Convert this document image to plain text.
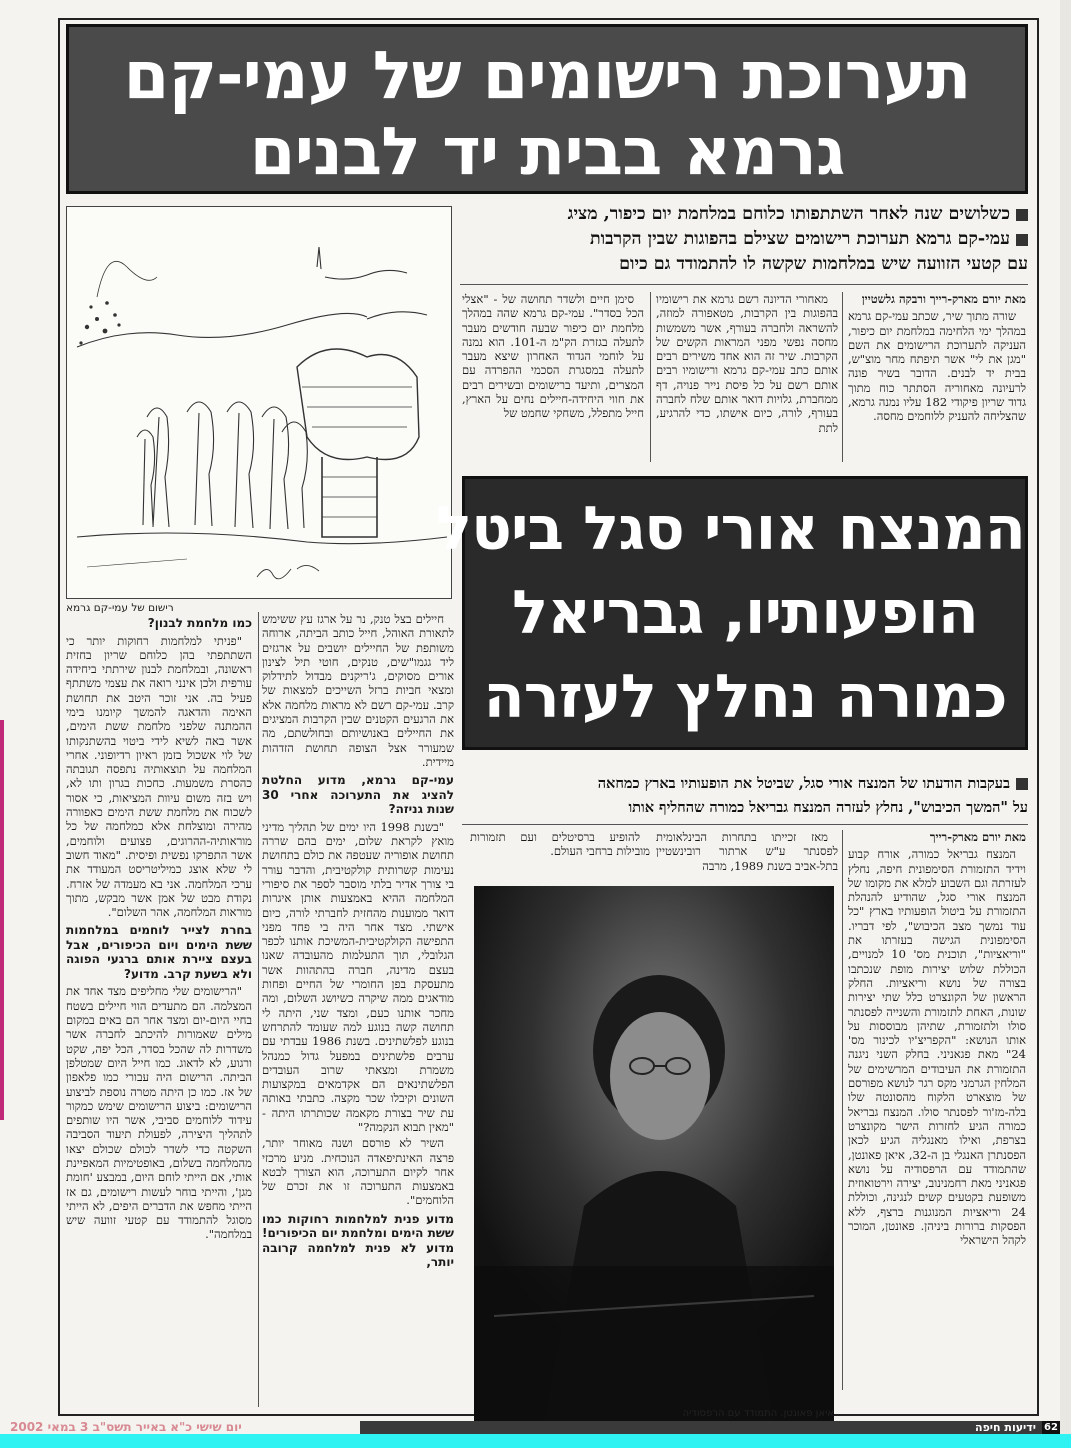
תערוכת רישומים של עמי-קם
גרמא בבית יד לבנים
כשלושים שנה לאחר השתתפותו כלוחם במלחמת יום כיפור, מציג
עמי-קם גרמא תערוכת רישומים שצילם בהפוגות שבין הקרבות
עם קטעי הזוועה שיש במלחמות שקשה לו להתמודד גם כיום

מאת יורם מארק-רייך ורבקה גלשטיין

שורה מתוך שיר, שכתב עמי-קם גרמא במהלך ימי הלחימה במלחמת יום כיפור, העניקה לתערוכת הרישומים את השם "מגן את לי" אשר תיפתח מחר מוצ"ש, בבית יד לבנים. הדובר בשיר פונה לרעיונה מאחוריה הסתתר כוח מתוך גדוד שריון פיקודי 182 עליו נמנה גרמא, שהצליחה להעניק ללוחמים מחסה.

מאחורי הדיונה רשם גרמא את רישומיו בהפוגות בין הקרבות, מטאפורה למוזה, להשראה ולחברה בעורף, אשר משמשות מחסה נפשי מפני המראות הקשים של הקרבות. שיר זה הוא אחד משירים רבים אותם כתב עמי-קם גרמא ורישומיו רבים אותם רשם על כל פיסת נייר פנויה, דף ממחברת, גלויות דואר אותם שלח לחברה בעורף, לורה, כיום אישתו, כדי להרגיע, לתת

סימן חיים ולשדר תחושה של - "אצלי הכל בסדר". עמי-קם גרמא שהה במהלך מלחמת יום כיפור שבעה חודשים מעבר לתעלה בגזרת הק"מ ה-101. הוא נמנה על לוחמי הגדוד האחרון שיצא מעבר לתעלה במסגרת הסכמי ההפרדה עם המצרים, ותיעד ברישומים ובשירים רבים את חווי היחידה-חיילים נחים על הארץ, חייל מתפלל, משחקי שחמט של

רישום של עמי-קם גרמא
המנצח אורי סגל ביטל
הופעותיו, גבריאל
כמורה נחלץ לעזרה
בעקבות הודעתו של המנצח אורי סגל, שביטל את הופעותיו בארץ כמחאה
על "המשך הכיבוש", נחלץ לעזרה המנצח גבריאל כמורה שהחליף אותו

מאת יורם מארק-רייך

המנצח גבריאל כמורה, אורח קבוע וידיד התזמורת הסימפונית חיפה, נחלץ לעזרתה וגם השבוע למלא את מקומו של המנצח אורי סגל, שהודיע להנהלת התזמורת על ביטול הופעותיו בארץ "כל עוד נמשך מצב הכיבוש", לפי דבריו. הסימפונית הגישה בעזרתו את "וריאציות", תוכנית מס' 10 למנויים, הכוללת שלוש יצירות מופת שנכתבו בצורה של נושא וריאציות. החלק הראשון של הקונצרט כלל שתי יצירות שונות, האחת לתזמורת והשנייה לפסנתר סולו ולתזמורת, שתיהן מבוססות על אותו הנושא: "הקפריצ'יו לכינור מס' 24" מאת פגאניני. בחלק השני ניגנה התזמורת את העיבודים המרשימים של המלחין הגרמני מקס רגר לנושא מפורסם של מוצארט הלקוח מהסונטה שלו בלה-מז'ור לפסנתר סולו. המנצח גבריאל כמורה הגיע לחזרות הישר מקונצרט בצרפת, ואילו מאנגליה הגיע לכאן הפסנתרן האנגלי בן ה-32, איאן פאונטן, שהתמודד עם הרפסודיה על נושא פגאניני מאת רחמנינוב, יצירה וירטואוזית משופעת בקטעים קשים לנגינה, וכוללת 24 וריאציות המנוגנות ברצף, ללא הפסקות ברורות ביניהן. פאונטן, המוכר לקהל הישראלי

מאז זכייתו בתחרות הבינלאומית לפסנתר ע"ש ארתור רובינשטיין בתל-אביב בשנת 1989, מרבה

להופיע ברסיטלים ועם תזמורות מובילות ברחבי העולם.

איאן פאונטן. התמודד עם הרפסודיה

חיילים בצל טנק, נר על ארגז עץ ששימש לתאורת האוהל, חייל כותב הביתה, ארוחה משותפת של החיילים יושבים על ארגזים ליד גגמו"שים, טנקים, חוטי תיל לצינון אורים מסוקים, ג'ריקנים מבדול לתידלוק ומצאי חביות ברזל השייכים למצאות של קרב. עמי-קם רשם לא מראות מלחמה אלא את הרגעים הקטנים שבין הקרבות המציגים את החיילים באנושיותם ובחולשתם, מה שמעורר אצל הצופה תחושת הזדהות מיידית.

עמי-קם גרמא, מדוע החלטת להציג את התערוכה אחרי 30 שנות גניזה?

"בשנת 1998 היו ימים של תהליך מדיני מואץ לקראת שלום, ימים בהם שררה תחושת אופוריה שעטפה את כולם בתחושת נעימות קשרותית קולקטיבית, והדבר עורר בי צורך אדיר בלתי מוסבר לספר את סיפורי המלחמה ההיא באמצעות אותן איגרות דואר ממוענות מהחזית לחברתי לורה, כיום אישתי. מצד אחר היה בי פחד מפני התפישה הקולקטיבית-המשיכת אותנו לכפר הגלובלי, תוך התעלמות מהעובדה שאנו בעצם מדינה, חברה בהתהוות אשר מתעסקת בפן החומרי של החיים ופחות מודאגים ממה שיקרה כשיושג השלום, ומה מחכר אותנו כעם, ומצד שני, היתה לי תחושה קשה בנוגע למה שעומד להתרחש בנוגע לפלשתינים. בשנת 1986 עבדתי עם ערבים פלשתינים במפעל גדול כמנהל משמרת ומצאתי שרוב העובדים הפלשתינאים הם אקדמאים במקצועות השונים וקיבלו שכר מקצה. כתבתי באותה עת שיר בצורת מקאמה שכותרתו היתה - "מאין תבוא הנקמה?"

השיר לא פורסם ושנה מאוחר יותר, פרצה האינתיפאדה הנוכחית. מניע מרכזי אחר לקיום התערוכה, הוא הצורך לבטא באמצעות התערוכה זו את זכרם של הלוחמים".

מדוע פנית למלחמות רחוקות כמו ששת הימים ומלחמת יום הכיפורים! מדוע לא פנית למלחמה קרובה יותר,

כמו מלחמת לבנון?

"פניתי למלחמות רחוקות יותר כי השתתפתי בהן כלוחם שריון בחזית ראשונה, ובמלחמת לבנון שירתתי ביחידה עורפית ולכן אינני רואה את עצמי משתתף פעיל בה. אני זוכר היטב את תחושת האימה והדאגה להמשך קיומנו בימי ההמתנה שלפני מלחמת ששת הימים, אשר באה לשיא לידי ביטוי בהשתנקותו של לוי אשכול בזמן ראיון רדיופוני. אחרי המלחמה על תוצאותיה נתפסה תגובתה כהסרת משמעות. כחכות בגרון ותו לא, ויש בזה משום עיוות המציאות, כי אסור לשכוח את מלחמת ששת הימים כאפוורה מהירה ומוצלחת אלא כמלחמה של כל מוראותיה-ההרוגים, פצועים ולוחמים, אשר התפרקו נפשית ופיסית. "מאוד חשוב לי שלא אוצג כמיליטריסט המעודד את ערכי המלחמה. אני בא מעמדה של אזרח. נקודת מבט של אמן אשר מבקש, מתוך מוראות המלחמה, אהר השלום".

בחרת לצייר לוחמים במלחמות ששת הימים ויום הכיפורים, אבל בעצם ציירת אותם ברגעי הפוגה ולא בשעת קרב. מדוע?

"הרישומים שלי מחליפים מצד אחד את המצלמה. הם מתעדים הווי חיילים בשטח בחיי היום-יום ומצד אחר הם באים במקום מילים שאמורות להיכתב לחברה אשר משדרות לה שהכל בסדר, הכל יפה, שקט ורגוע, לא לדאוג. כמו חייל היום שמטלפן הביתה. הרישום היה עבורי כמו פלאפון של אז. כמו כן היתה מטרה נוספת לביצוע הרישומים: ביצוע הרישומים שימש כמקור עידוד ללוחמים סביבי, אשר היו שותפים לתהליך היצירה, לפעולת תיעוד הסביבה השקטה כדי לשדר לכולם שכולם יצאו מהמלחמה בשלום, באופטימיות המאפיינת אותי, אם הייתי לוחם היום, במבצע 'חומת מגן', והייתי בוחר לעשות רישומים, גם אז הייתי מחפש את הדברים היפים, לא הייתי מסוגל להתמודד עם קטעי זוועה שיש במלחמה".

יום שישי כ"א באייר תשס"ב 3 במאי 2002	ידיעות חיפה 62
